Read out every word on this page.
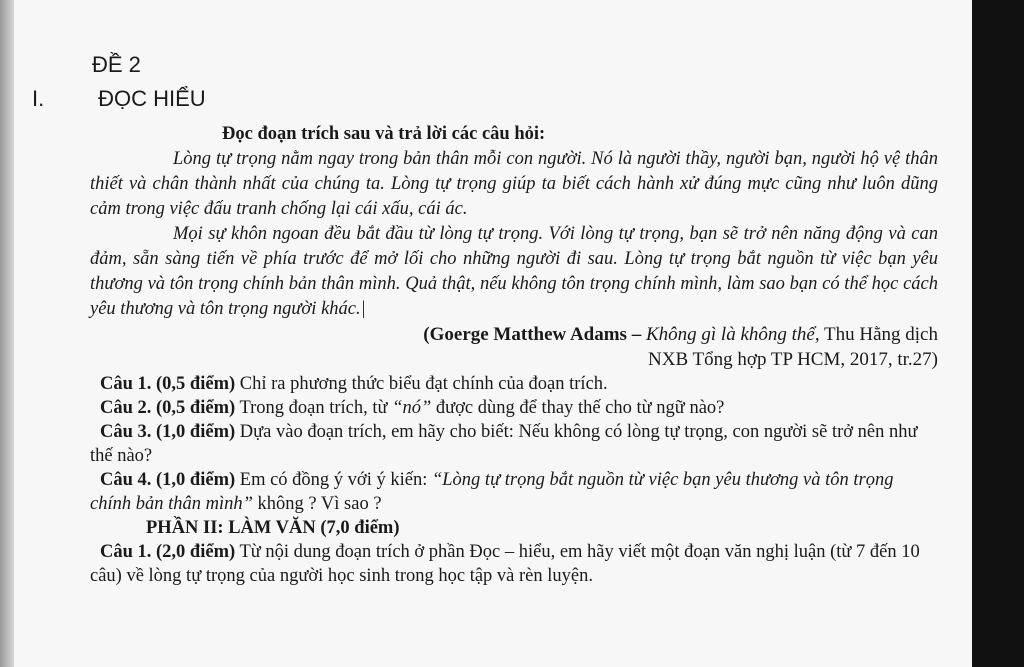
ĐỀ 2
I. ĐỌC HIỂU
Đọc đoạn trích sau và trả lời các câu hỏi:

Lòng tự trọng nằm ngay trong bản thân mỗi con người. Nó là người thầy, người bạn, người hộ vệ thân thiết và chân thành nhất của chúng ta. Lòng tự trọng giúp ta biết cách hành xử đúng mực cũng như luôn dũng cảm trong việc đấu tranh chống lại cái xấu, cái ác.

Mọi sự khôn ngoan đều bắt đầu từ lòng tự trọng. Với lòng tự trọng, bạn sẽ trở nên năng động và can đảm, sẵn sàng tiến về phía trước để mở lối cho những người đi sau. Lòng tự trọng bắt nguồn từ việc bạn yêu thương và tôn trọng chính bản thân mình. Quả thật, nếu không tôn trọng chính mình, làm sao bạn có thể học cách yêu thương và tôn trọng người khác.|

(Goerge Matthew Adams – Không gì là không thể, Thu Hằng dịch
NXB Tổng hợp TP HCM, 2017, tr.27)

Câu 1. (0,5 điểm) Chỉ ra phương thức biểu đạt chính của đoạn trích.

Câu 2. (0,5 điểm) Trong đoạn trích, từ “nó” được dùng để thay thế cho từ ngữ nào?

Câu 3. (1,0 điểm) Dựa vào đoạn trích, em hãy cho biết: Nếu không có lòng tự trọng, con người sẽ trở nên như thế nào?

Câu 4. (1,0 điểm) Em có đồng ý với ý kiến: “Lòng tự trọng bắt nguồn từ việc bạn yêu thương và tôn trọng chính bản thân mình” không ? Vì sao ?

PHẦN II: LÀM VĂN (7,0 điểm)

Câu 1. (2,0 điểm) Từ nội dung đoạn trích ở phần Đọc – hiểu, em hãy viết một đoạn văn nghị luận (từ 7 đến 10 câu) về lòng tự trọng của người học sinh trong học tập và rèn luyện.
